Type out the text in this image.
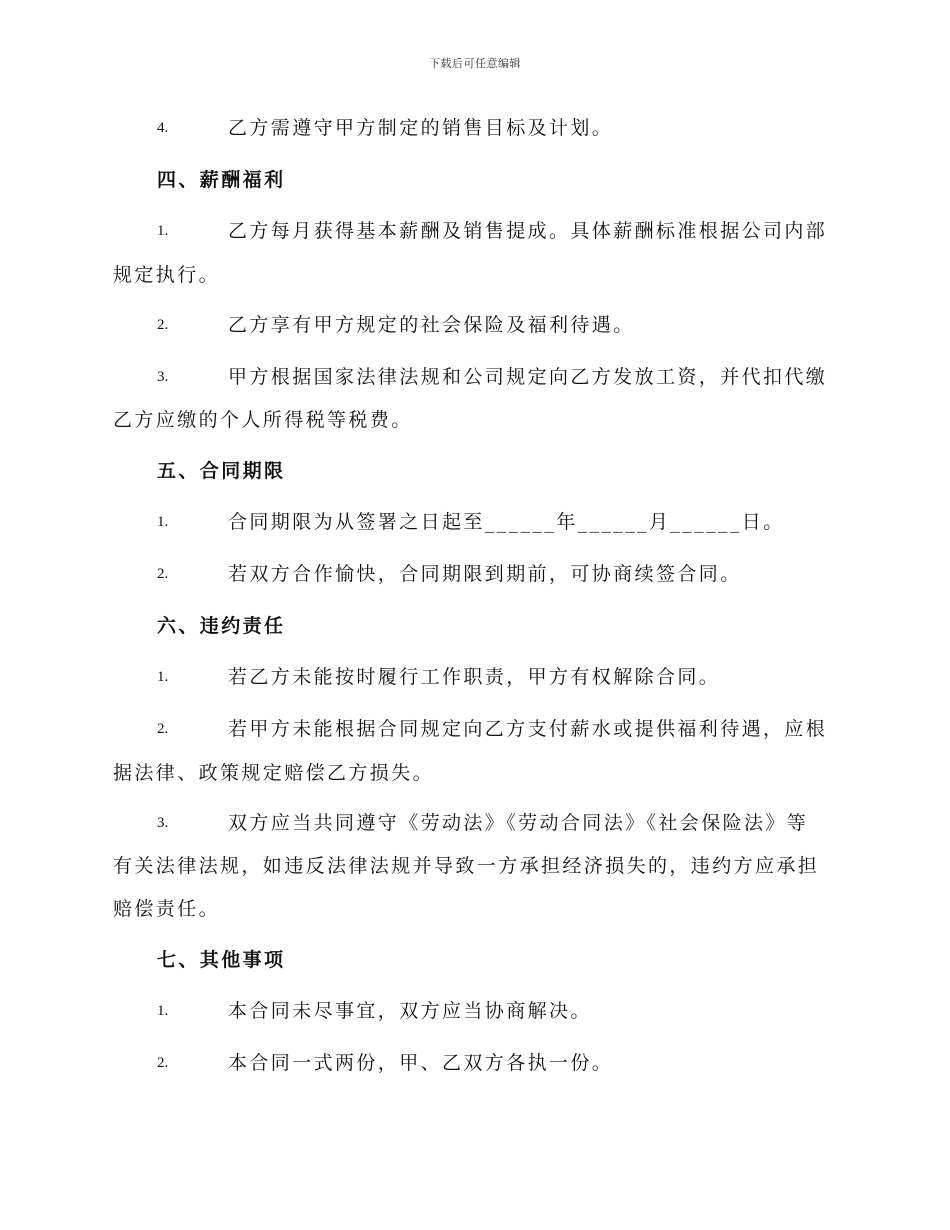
下载后可任意编辑
4.	乙方需遵守甲方制定的销售目标及计划。
四、薪酬福利
1.	乙方每月获得基本薪酬及销售提成。具体薪酬标准根据公司内部
规定执行。
2.	乙方享有甲方规定的社会保险及福利待遇。
3.	甲方根据国家法律法规和公司规定向乙方发放工资，并代扣代缴
乙方应缴的个人所得税等税费。
五、合同期限
1.	合同期限为从签署之日起至______年______月______日。
2.	若双方合作愉快，合同期限到期前，可协商续签合同。
六、违约责任
1.	若乙方未能按时履行工作职责，甲方有权解除合同。
2.	若甲方未能根据合同规定向乙方支付薪水或提供福利待遇，应根
据法律、政策规定赔偿乙方损失。
3.	双方应当共同遵守《劳动法》《劳动合同法》《社会保险法》等
有关法律法规，如违反法律法规并导致一方承担经济损失的，违约方应承担
赔偿责任。
七、其他事项
1.	本合同未尽事宜，双方应当协商解决。
2.	本合同一式两份，甲、乙双方各执一份。
